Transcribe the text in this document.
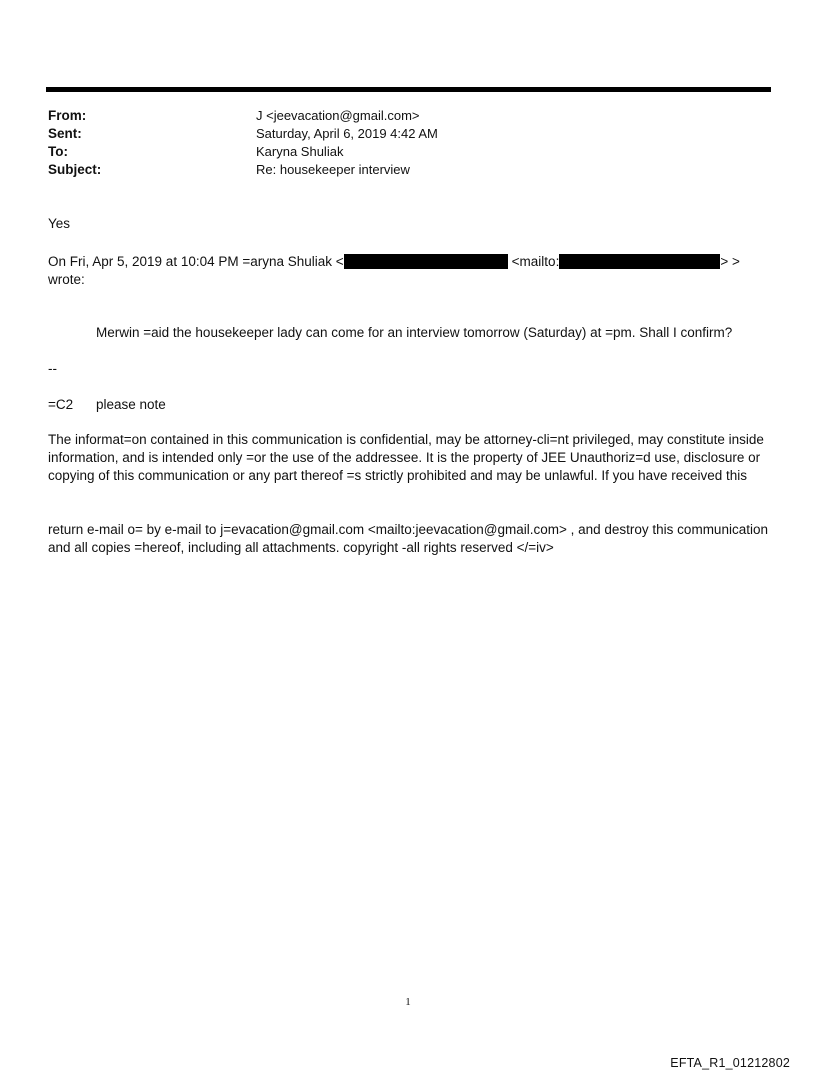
From:	J <jeevacation@gmail.com>
Sent:	Saturday, April 6, 2019 4:42 AM
To:	Karyna Shuliak
Subject:	Re: housekeeper interview
Yes
On Fri, Apr 5, 2019 at 10:04 PM =aryna Shuliak <	<mailto:	> >
wrote:
Merwin =aid the housekeeper lady can come for an interview tomorrow (Saturday) at =pm. Shall I confirm?
--
=C2 please note
The informat=on contained in this communication is confidential, may be attorney-cli=nt privileged, may constitute inside information, and is intended only =or the use of the addressee. It is the property of JEE Unauthoriz=d use, disclosure or copying of this communication or any part thereof =s strictly prohibited and may be unlawful. If you have received this
return e-mail o= by e-mail to j=evacation@gmail.com <mailto:jeevacation@gmail.com> , and destroy this communication and all copies =hereof, including all attachments. copyright -all rights reserved </=iv>
1
EFTA_R1_01212802
